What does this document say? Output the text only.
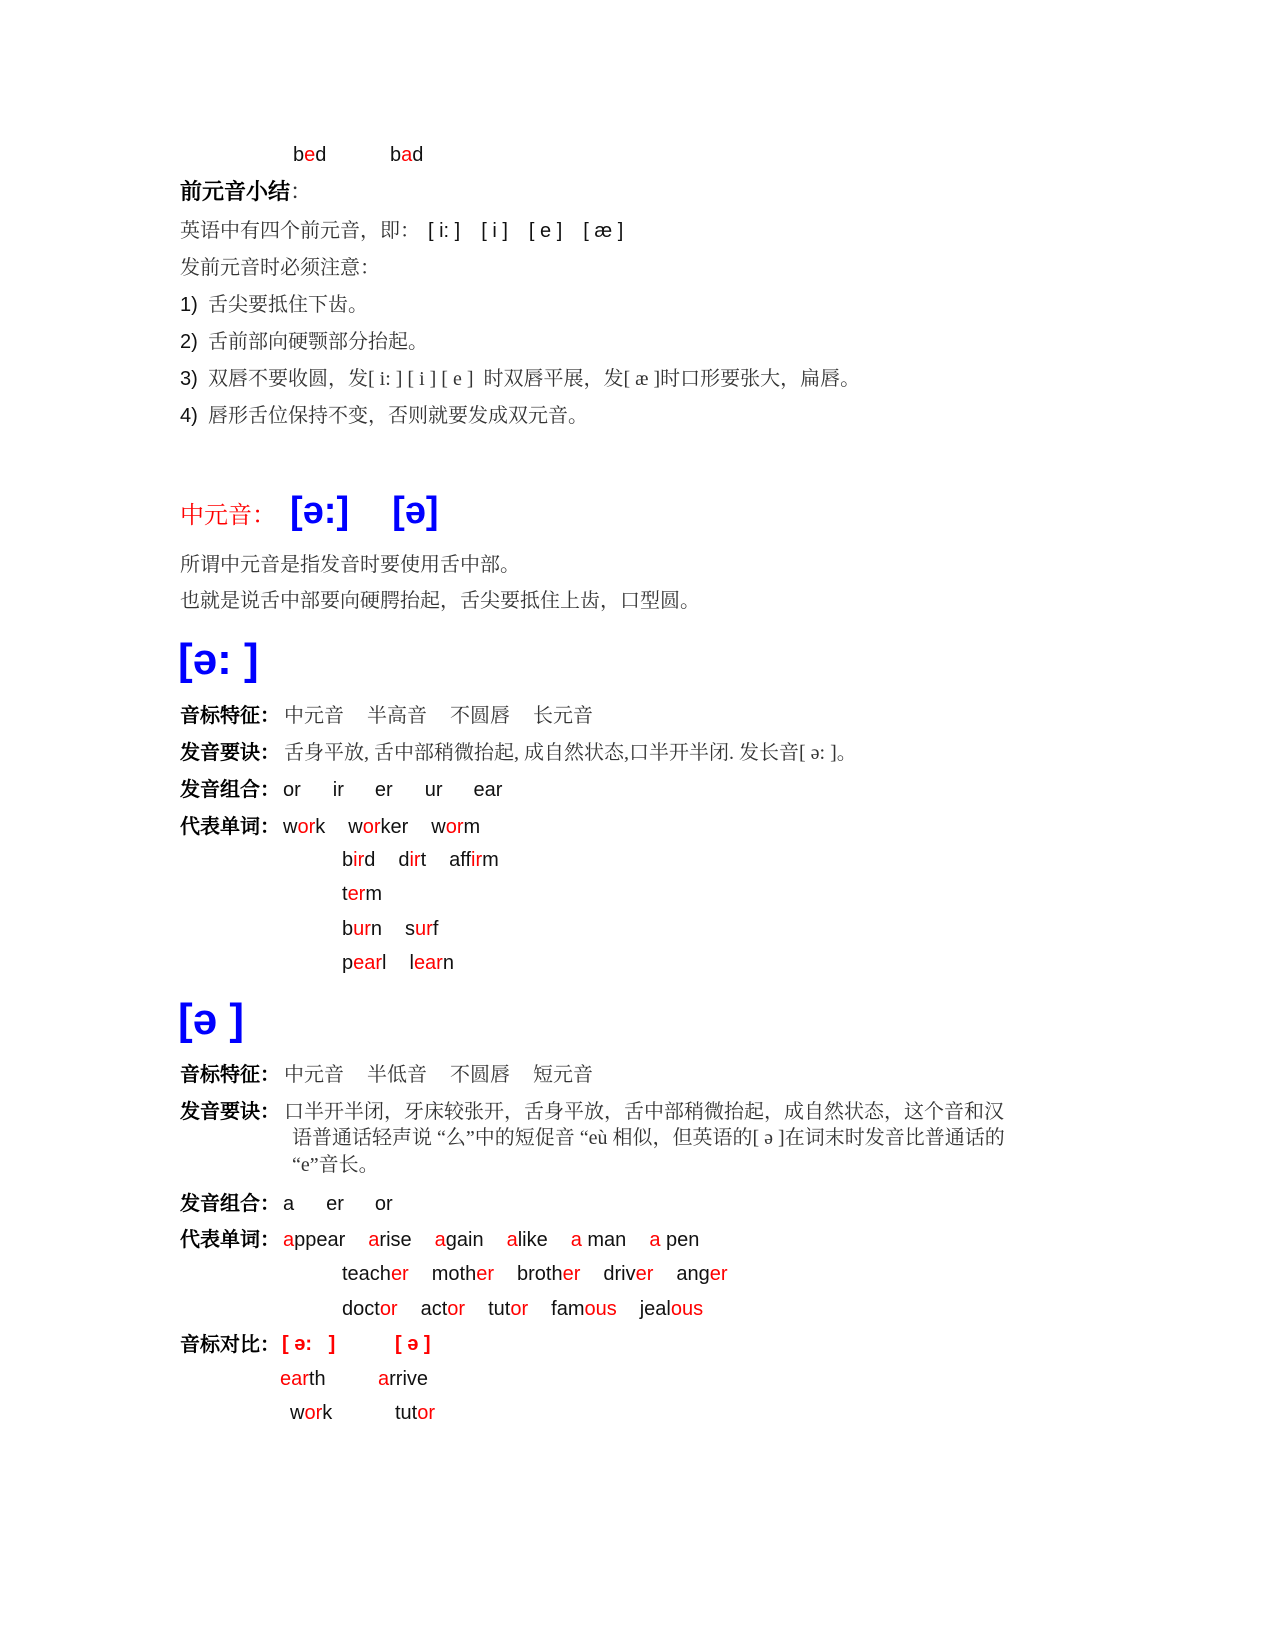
bed	bad
前元音小结 ：
英语中有四个前元音，即： [ i: ] [ i ] [ e ] [ æ ]
发前元音时必须注意：
1) 舌尖要抵住下齿。
2) 舌前部向硬颚部分抬起。
3) 双唇不要收圆，发[ i: ] [ i ] [ e ]  时双唇平展，发[ æ ]时口形要张大，扁唇。
4) 唇形舌位保持不变，否则就要发成双元音。
中元音： [ə:] [ə]
所谓中元音是指发音时要使用舌中部。
也就是说舌中部要向硬腭抬起，舌尖要抵住上齿，口型圆。
[ə: ]
音标特征： 中元音 半高音 不圆唇 长元音
发音要诀： 舌身平放, 舌中部稍微抬起, 成自然状态,口半开半闭. 发长音[ ə: ]。
发音组合： or ir er ur ear
代表单词： work worker worm
bird dirt affirm
term
burn surf
pearl learn
[ə ]
音标特征： 中元音 半低音 不圆唇 短元音
发音要诀： 口半开半闭，牙床较张开，舌身平放，舌中部稍微抬起，成自然状态，这个音和汉
语普通话轻声说 “么”中的短促音 “eù 相似，但英语的[ ə ]在词末时发音比普通话的
“e”音长。
发音组合： a er or
代表单词： appear arise again alike a man a pen
teacher mother brother driver anger
doctor actor tutor famous jealous
音标对比： [ ə:   ]	[ ə ]
earth	arrive
work	tutor
